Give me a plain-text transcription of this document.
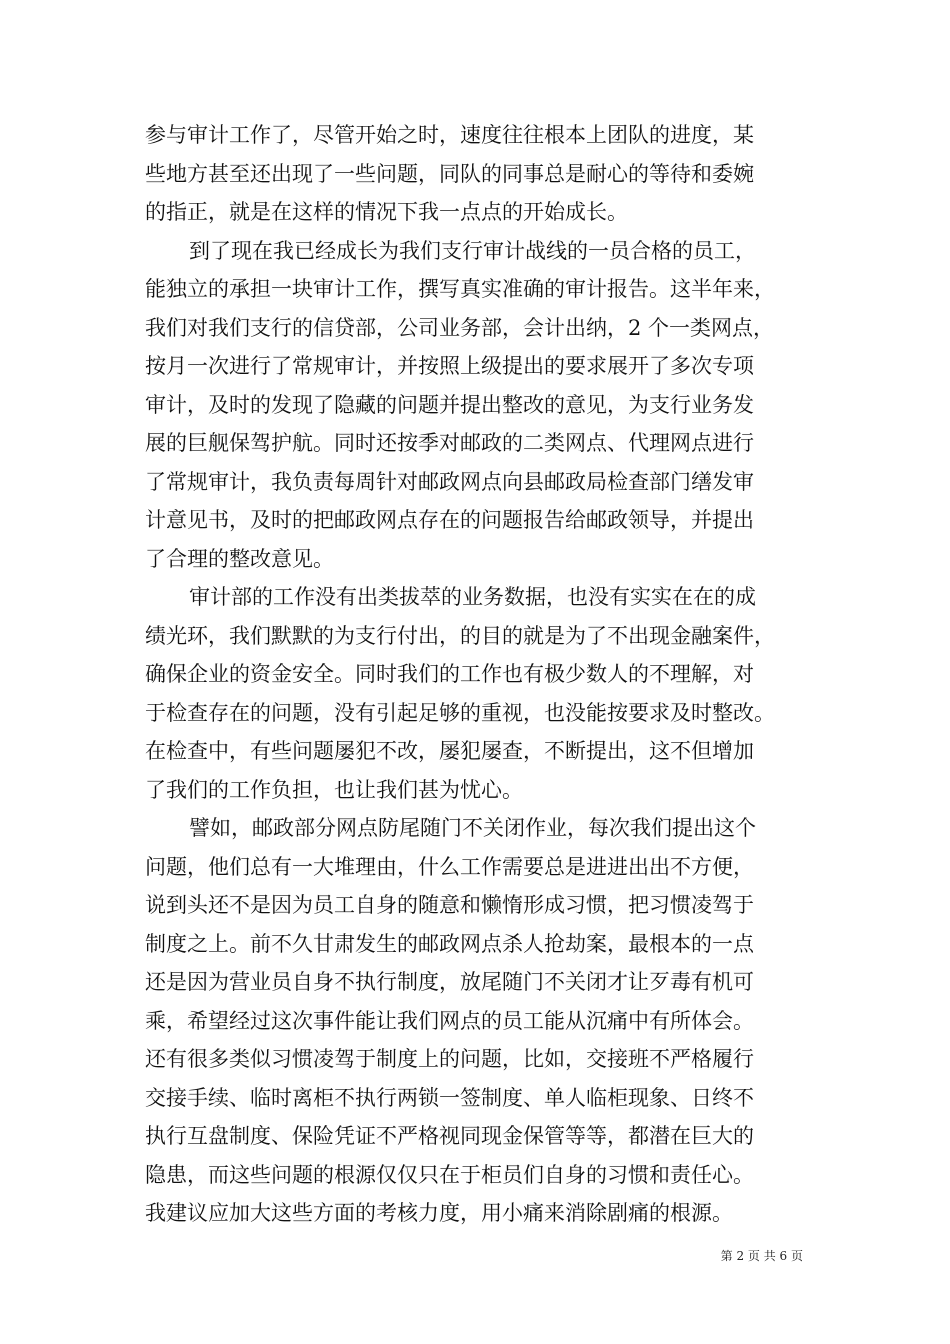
参与审计工作了，尽管开始之时，速度往往根本上团队的进度，某
些地方甚至还出现了一些问题，同队的同事总是耐心的等待和委婉
的指正，就是在这样的情况下我一点点的开始成长。
到了现在我已经成长为我们支行审计战线的一员合格的员工，
能独立的承担一块审计工作，撰写真实准确的审计报告。这半年来，
我们对我们支行的信贷部，公司业务部，会计出纳，2 个一类网点，
按月一次进行了常规审计，并按照上级提出的要求展开了多次专项
审计，及时的发现了隐藏的问题并提出整改的意见，为支行业务发
展的巨舰保驾护航。同时还按季对邮政的二类网点、代理网点进行
了常规审计，我负责每周针对邮政网点向县邮政局检查部门缮发审
计意见书，及时的把邮政网点存在的问题报告给邮政领导，并提出
了合理的整改意见。
审计部的工作没有出类拔萃的业务数据，也没有实实在在的成
绩光环，我们默默的为支行付出，的目的就是为了不出现金融案件，
确保企业的资金安全。同时我们的工作也有极少数人的不理解，对
于检查存在的问题，没有引起足够的重视，也没能按要求及时整改。
在检查中，有些问题屡犯不改，屡犯屡查，不断提出，这不但增加
了我们的工作负担，也让我们甚为忧心。
譬如，邮政部分网点防尾随门不关闭作业，每次我们提出这个
问题，他们总有一大堆理由，什么工作需要总是进进出出不方便，
说到头还不是因为员工自身的随意和懒惰形成习惯，把习惯凌驾于
制度之上。前不久甘肃发生的邮政网点杀人抢劫案，最根本的一点
还是因为营业员自身不执行制度，放尾随门不关闭才让歹毒有机可
乘，希望经过这次事件能让我们网点的员工能从沉痛中有所体会。
还有很多类似习惯凌驾于制度上的问题，比如，交接班不严格履行
交接手续、临时离柜不执行两锁一签制度、单人临柜现象、日终不
执行互盘制度、保险凭证不严格视同现金保管等等，都潜在巨大的
隐患，而这些问题的根源仅仅只在于柜员们自身的习惯和责任心。
我建议应加大这些方面的考核力度，用小痛来消除剧痛的根源。
第 2 页 共 6 页
